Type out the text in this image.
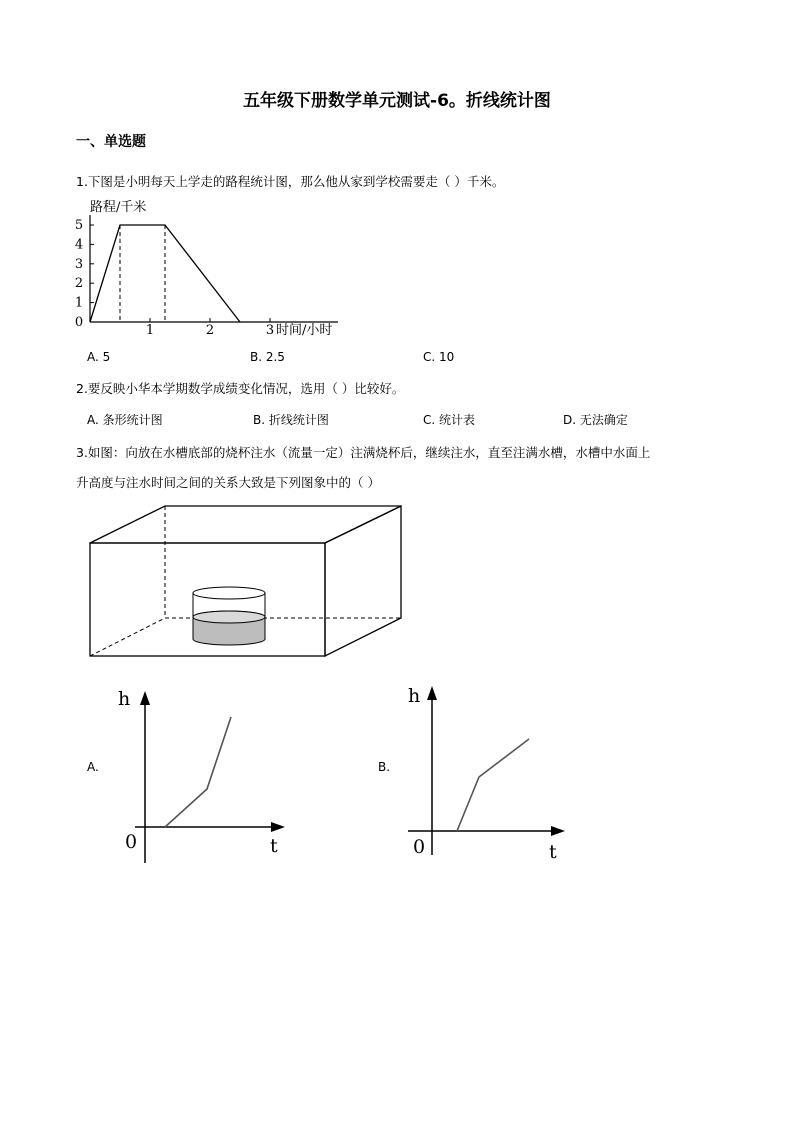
五年级下册数学单元测试-6。折线统计图
一、单选题
1.下图是小明每天上学走的路程统计图，那么他从家到学校需要走（ ）千米。
路程/千米
0
1
2
3
4
5
1	2	3 时间/小时
A. 5	B. 2.5	C. 10
2.要反映小华本学期数学成绩变化情况，选用（ ）比较好。
A. 条形统计图	B. 折线统计图	C. 统计表	D. 无法确定
3.如图：向放在水槽底部的烧杯注水（流量一定）注满烧杯后，继续注水，直至注满水槽，水槽中水面上
升高度与注水时间之间的关系大致是下列图象中的（ ）
A.
h
0	t
B.
h
0	t
